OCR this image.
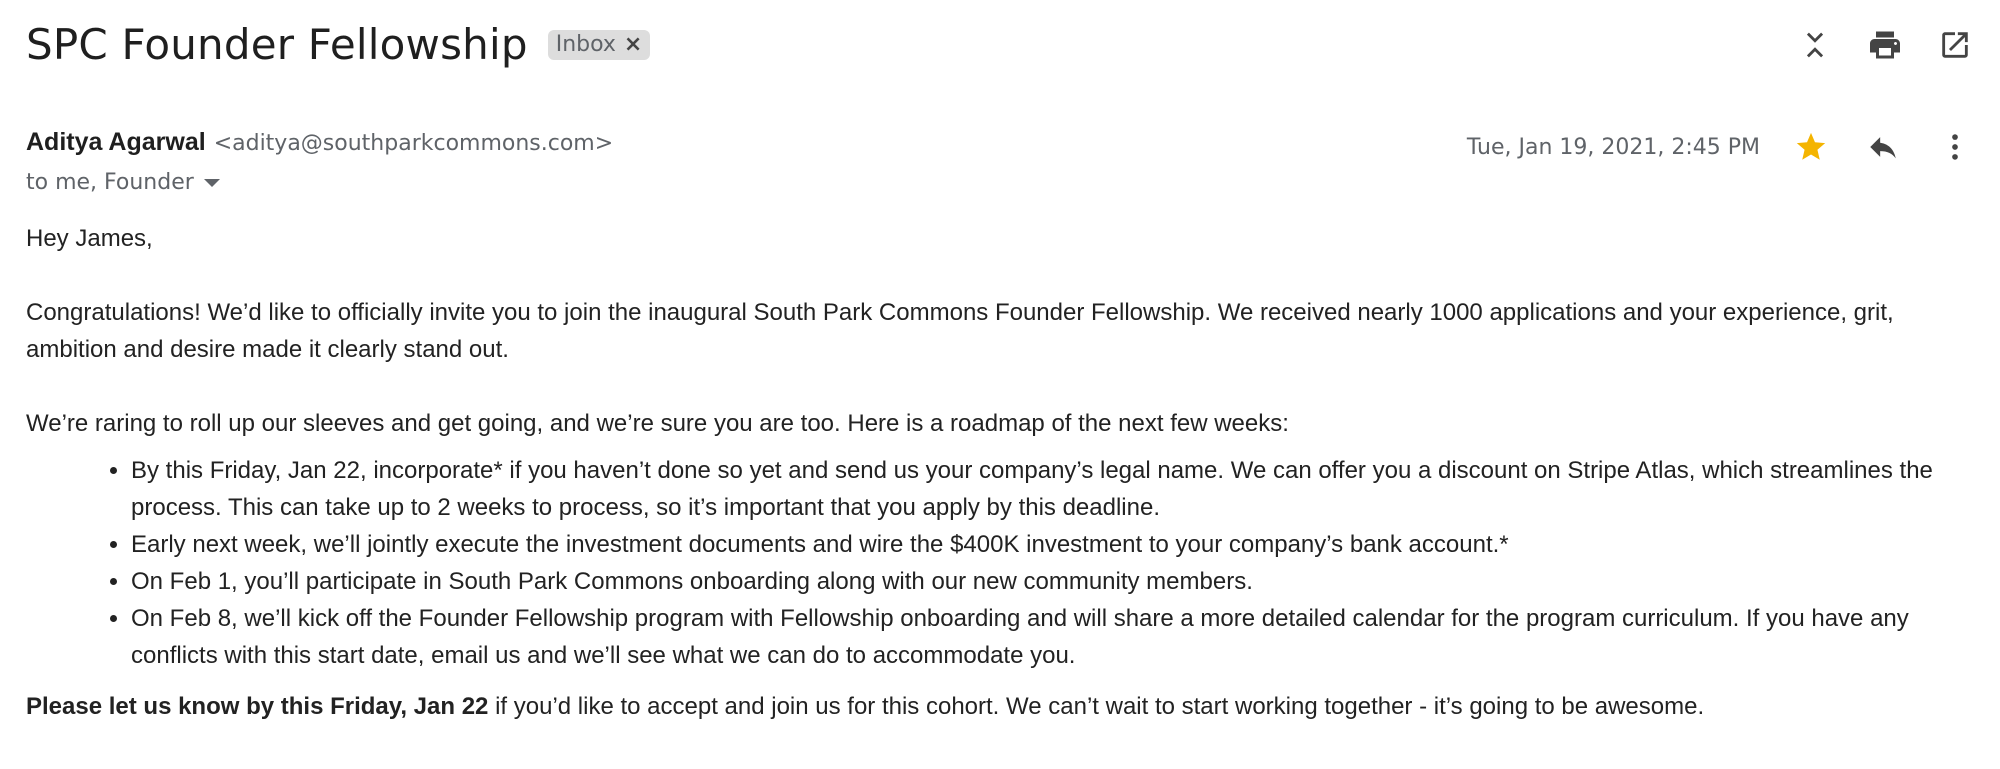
SPC Founder Fellowship Inbox ×
Aditya Agarwal <aditya@southparkcommons.com>
to me, Founder
Tue, Jan 19, 2021, 2:45 PM

Hey James,

Congratulations! We’d like to officially invite you to join the inaugural South Park Commons Founder Fellowship. We received nearly 1000 applications and your experience, grit, ambition and desire made it clearly stand out.

We’re raring to roll up our sleeves and get going, and we’re sure you are too. Here is a roadmap of the next few weeks:

• By this Friday, Jan 22, incorporate* if you haven’t done so yet and send us your company’s legal name. We can offer you a discount on Stripe Atlas, which streamlines the process. This can take up to 2 weeks to process, so it’s important that you apply by this deadline.
• Early next week, we’ll jointly execute the investment documents and wire the $400K investment to your company’s bank account.*
• On Feb 1, you’ll participate in South Park Commons onboarding along with our new community members.
• On Feb 8, we’ll kick off the Founder Fellowship program with Fellowship onboarding and will share a more detailed calendar for the program curriculum. If you have any conflicts with this start date, email us and we’ll see what we can do to accommodate you.

Please let us know by this Friday, Jan 22 if you’d like to accept and join us for this cohort. We can’t wait to start working together - it’s going to be awesome.
